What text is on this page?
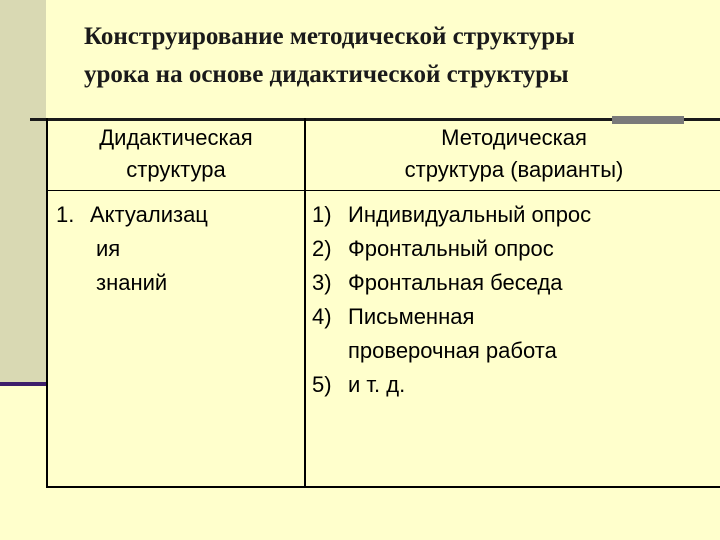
Конструирование методической структуры
урока на основе дидактической структуры
Дидактическая
структура
Методическая
структура (варианты)
1. Актуализац
ия
знаний
1) Индивидуальный опрос
2) Фронтальный опрос
3) Фронтальная беседа
4) Письменная
проверочная работа
5) и т. д.
